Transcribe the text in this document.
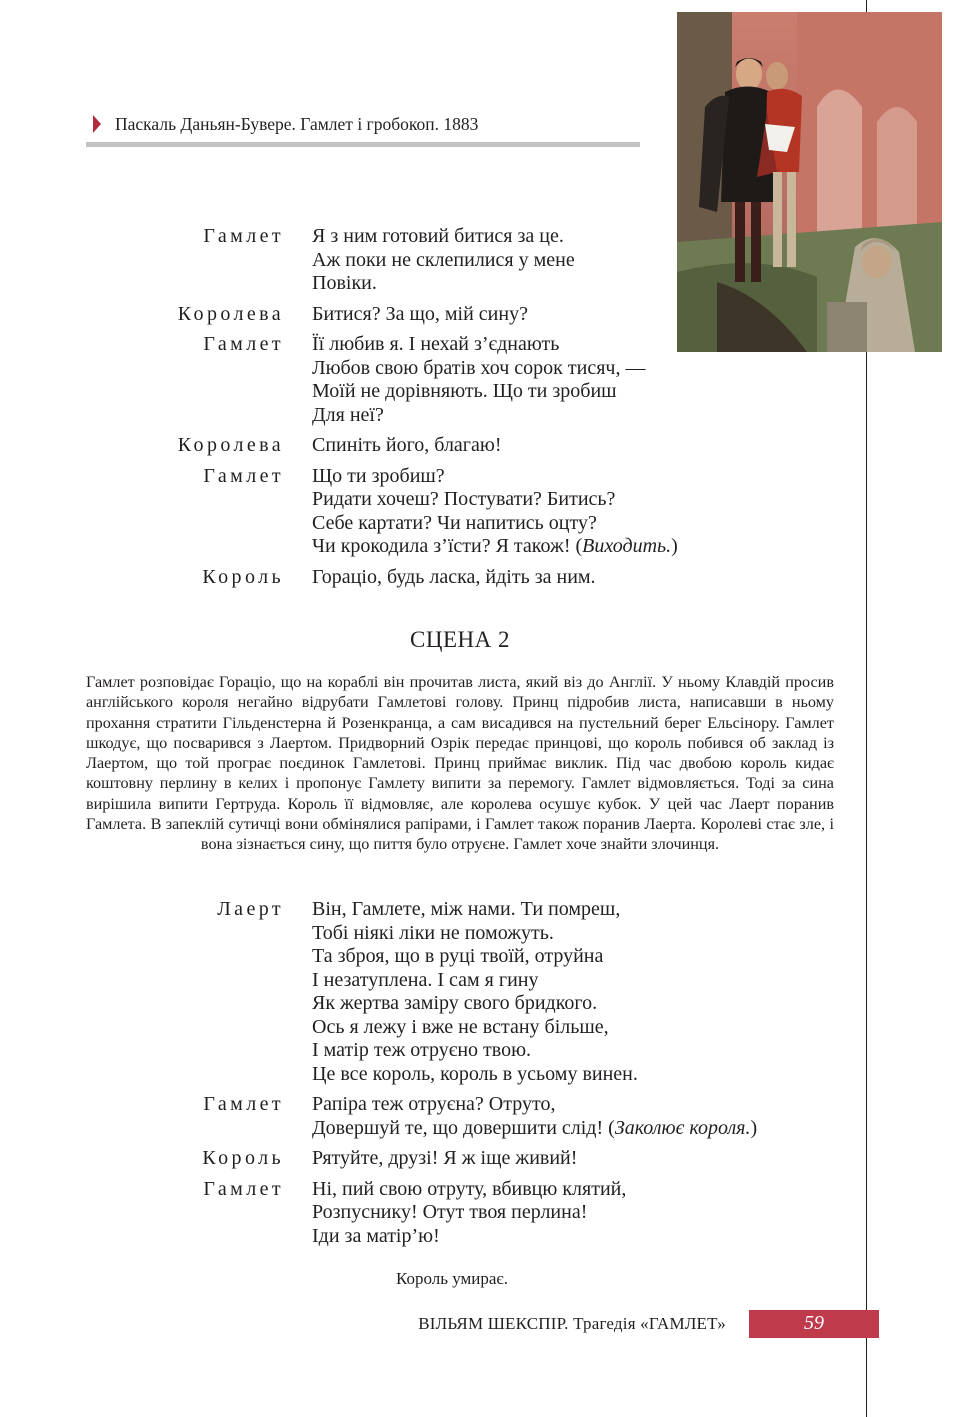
Паскаль Даньян-Бувере. Гамлет і гробокоп. 1883
Гамлет Я з ним готовий битися за це.
Аж поки не склепилися у мене
Повіки.
Королева Битися? За що, мій сину?
Гамлет Її любив я. І нехай з’єднають
Любов свою братів хоч сорок тисяч, —
Моїй не дорівняють. Що ти зробиш
Для неї?
Королева Спиніть його, благаю!
Гамлет Що ти зробиш?
Ридати хочеш? Постувати? Битись?
Себе картати? Чи напитись оцту?
Чи крокодила з’їсти? Я також! (Виходить.)
Король Гораціо, будь ласка, йдіть за ним.
СЦЕНА 2
Гамлет розповідає Гораціо, що на кораблі він прочитав листа, який віз до Англії. У ньому Клавдій просив англійського короля негайно відрубати Гамлетові голову. Принц підробив листа, написавши в ньому прохання стратити Гільденстерна й Розенкранца, а сам висадився на пустельний берег Ельсінору. Гамлет шкодує, що посварився з Лаертом. Придворний Озрік передає принцові, що король побився об заклад із Лаертом, що той програє поєдинок Гамлетові. Принц приймає виклик. Під час двобою король кидає коштовну перлину в келих і пропонує Гамлету випити за перемогу. Гамлет відмовляється. Тоді за сина вирішила випити Гертруда. Король її відмовляє, але королева осушує кубок. У цей час Лаерт поранив Гамлета. В запеклій сутичці вони обмінялися рапірами, і Гамлет також поранив Лаерта. Королеві стає зле, і вона зізнається сину, що пиття було отруєне. Гамлет хоче знайти злочинця.
Лаерт Він, Гамлете, між нами. Ти помреш,
Тобі ніякі ліки не поможуть.
Та зброя, що в руці твоїй, отруйна
І незатуплена. І сам я гину
Як жертва заміру свого бридкого.
Ось я лежу і вже не встану більше,
І матір теж отруєно твою.
Це все король, король в усьому винен.
Гамлет Рапіра теж отруєна? Отруто,
Довершуй те, що довершити слід! (Заколює короля.)
Король Рятуйте, друзі! Я ж іще живий!
Гамлет Ні, пий свою отруту, вбивцю клятий,
Розпуснику! Отут твоя перлина!
Іди за матір’ю!
Король умирає.
ВІЛЬЯМ ШЕКСПІР. Трагедія «ГАМЛЕТ»	59
